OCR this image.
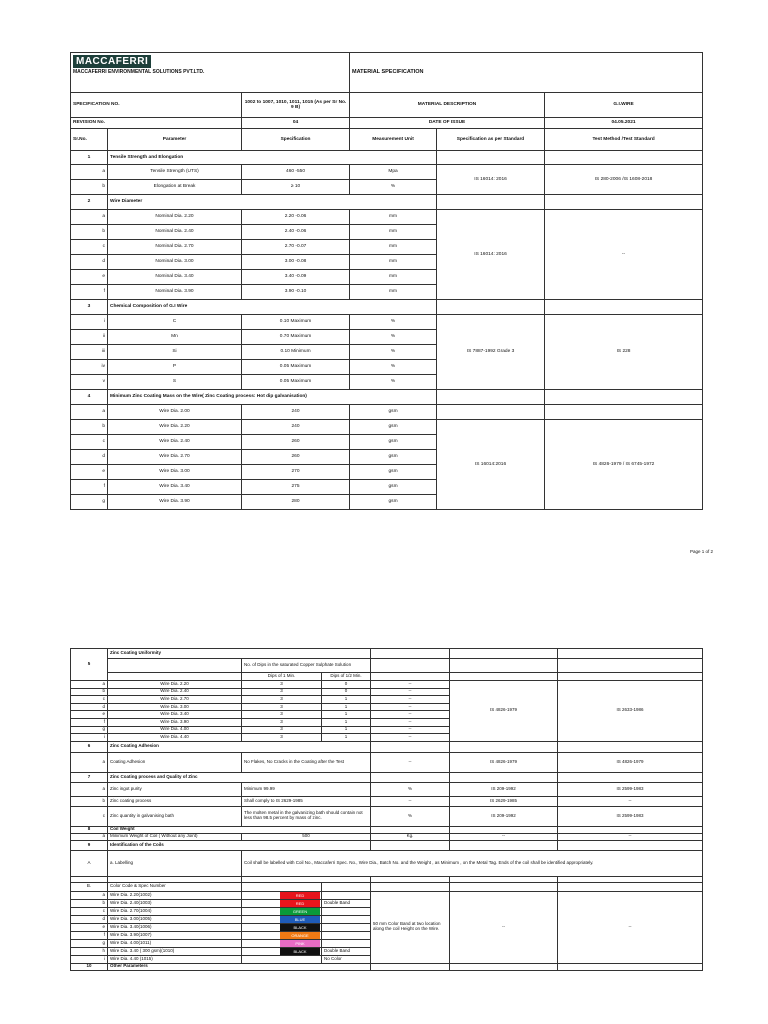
MACCAFERRI
MACCAFERRI ENVIRONMENTAL SOLUTIONS PVT.LTD.			MATERIAL SPECIFICATION		
SPECIFICATION NO.		1002 to 1007, 1010, 1011, 1015 (As per Sr No. 9 B)	MATERIAL DESCRIPTION		G.I.WIRE
REVISION No.		04	DATE OF ISSUE		04.05.2021
Sr.No.	Parameter	Specification	Measurement Unit	Specification as per Standard	Test Method /Test Standard
1	Tensile Strength and Elongation				
a	Tensile Strength (UTS)	460 -550	Mpa	IS 16014: 2016	IS 280-2006 /IS 1608-2018
b	Elongation at Break	≥ 10	%		
2	Wire Diameter				
a	Nominal Dia. 2.20	2.20 -0.06	mm	IS 16014: 2016	--
b	Nominal Dia. 2.40	2.40 -0.06	mm		
c	Nominal Dia. 2.70	2.70 -0.07	mm		
d	Nominal Dia. 3.00	3.00 -0.08	mm		
e	Nominal Dia. 3.40	3.40 -0.09	mm		
f	Nominal Dia. 3.90	3.90 -0.10	mm		
3	Chemical Composition of G.I Wire				
i	C	0.10 Maximum	%	IS 7887-1992 Grade 3	IS 228
ii	Mn	0.70 Maximum	%		
iii	Si	0.10 Minimum	%		
iv	P	0.05 Maximum	%		
v	S	0.05 Maximum	%		
4	Minimum Zinc Coating Mass on the Wire( Zinc Coating process: Hot dip galvanisation)				
a	Wire Dia. 2.00	240	gsm		
b	Wire Dia. 2.20	240	gsm	IS 16014:2016	IS 4826-1979 / IS 6745-1972
c	Wire Dia. 2.40	260	gsm		
d	Wire Dia. 2.70	260	gsm		
e	Wire Dia. 3.00	270	gsm		
f	Wire Dia. 3.40	275	gsm		
g	Wire Dia. 3.90	280	gsm		
Page 1 of 2
5	Zinc Coating Uniformity					
		No. of Dips in the saturated Copper Sulphate Solution				
		Dips of 1 Min.	Dips of 1/2 Min.			
a	Wire Dia. 2.20	3	0	--	IS 4826-1979	IS 2633-1986
b	Wire Dia. 2.40	3	0	--		
c	Wire Dia. 2.70	3	1	--		
d	Wire Dia. 3.00	3	1	--		
e	Wire Dia. 3.40	3	1	--		
f	Wire Dia. 3.90	3	1	--		
g	Wire Dia. 4.00	3	1	--		
i	Wire Dia. 4.40	3	1	--		
6	Zinc Coating Adhesion					
a	Coating Adhesion	No Flakes, No Cracks in the Coating after the Test		--	IS 4826-1979	IS 4826-1979
7	Zinc Coating process and Quality of Zinc					
a	Zinc ingot purity	Minimum 99.99		%	IS 209-1992	IS 2599-1983
b	Zinc coating process	Shall comply to IS 2629-1985		--	IS 2629-1985	--
c	Zinc quantity in galvanising bath	The molten metal in the galvanizing bath should contain not less than 98.5 percent by mass of zinc.		%	IS 209-1992	IS 2599-1983
8	Coil Weight					
a	Minimum Weight of Coil ( Without any Joint)	500		Kg.	--	--
9	Identification of the Coils					
A	a. Labelling	Coil shall be labelled with Coil No., Maccaferri Spec. No., Wire Dia., Batch No. and the Weight , as Minimum , on the Metal Tag. Ends of the coil shall be identified appropriately.				

B.	Color Code & Spec Number					
a	Wire Dia. 2.20(1002)	RED		50 mm Color Band at two location along the coil Height on the Wire.	--	--
b	Wire Dia. 2.40(1003)	RED	Double Band			
c	Wire Dia. 2.70(1004)	GREEN				

d	Wire Dia. 3.00(1005)	BLUE				

e	Wire Dia. 3.40(1006)	BLACK				

f	Wire Dia. 3.90(1007)	ORANGE				

g	Wire Dia. 4.00(1011)	PINK				

h	Wire Dia. 3.40 ( 300 gsm)(1010)	BLACK	Double Band			
i	Wire Dia. 4.40 (1015)		No Color			
10	Other Parameters					
